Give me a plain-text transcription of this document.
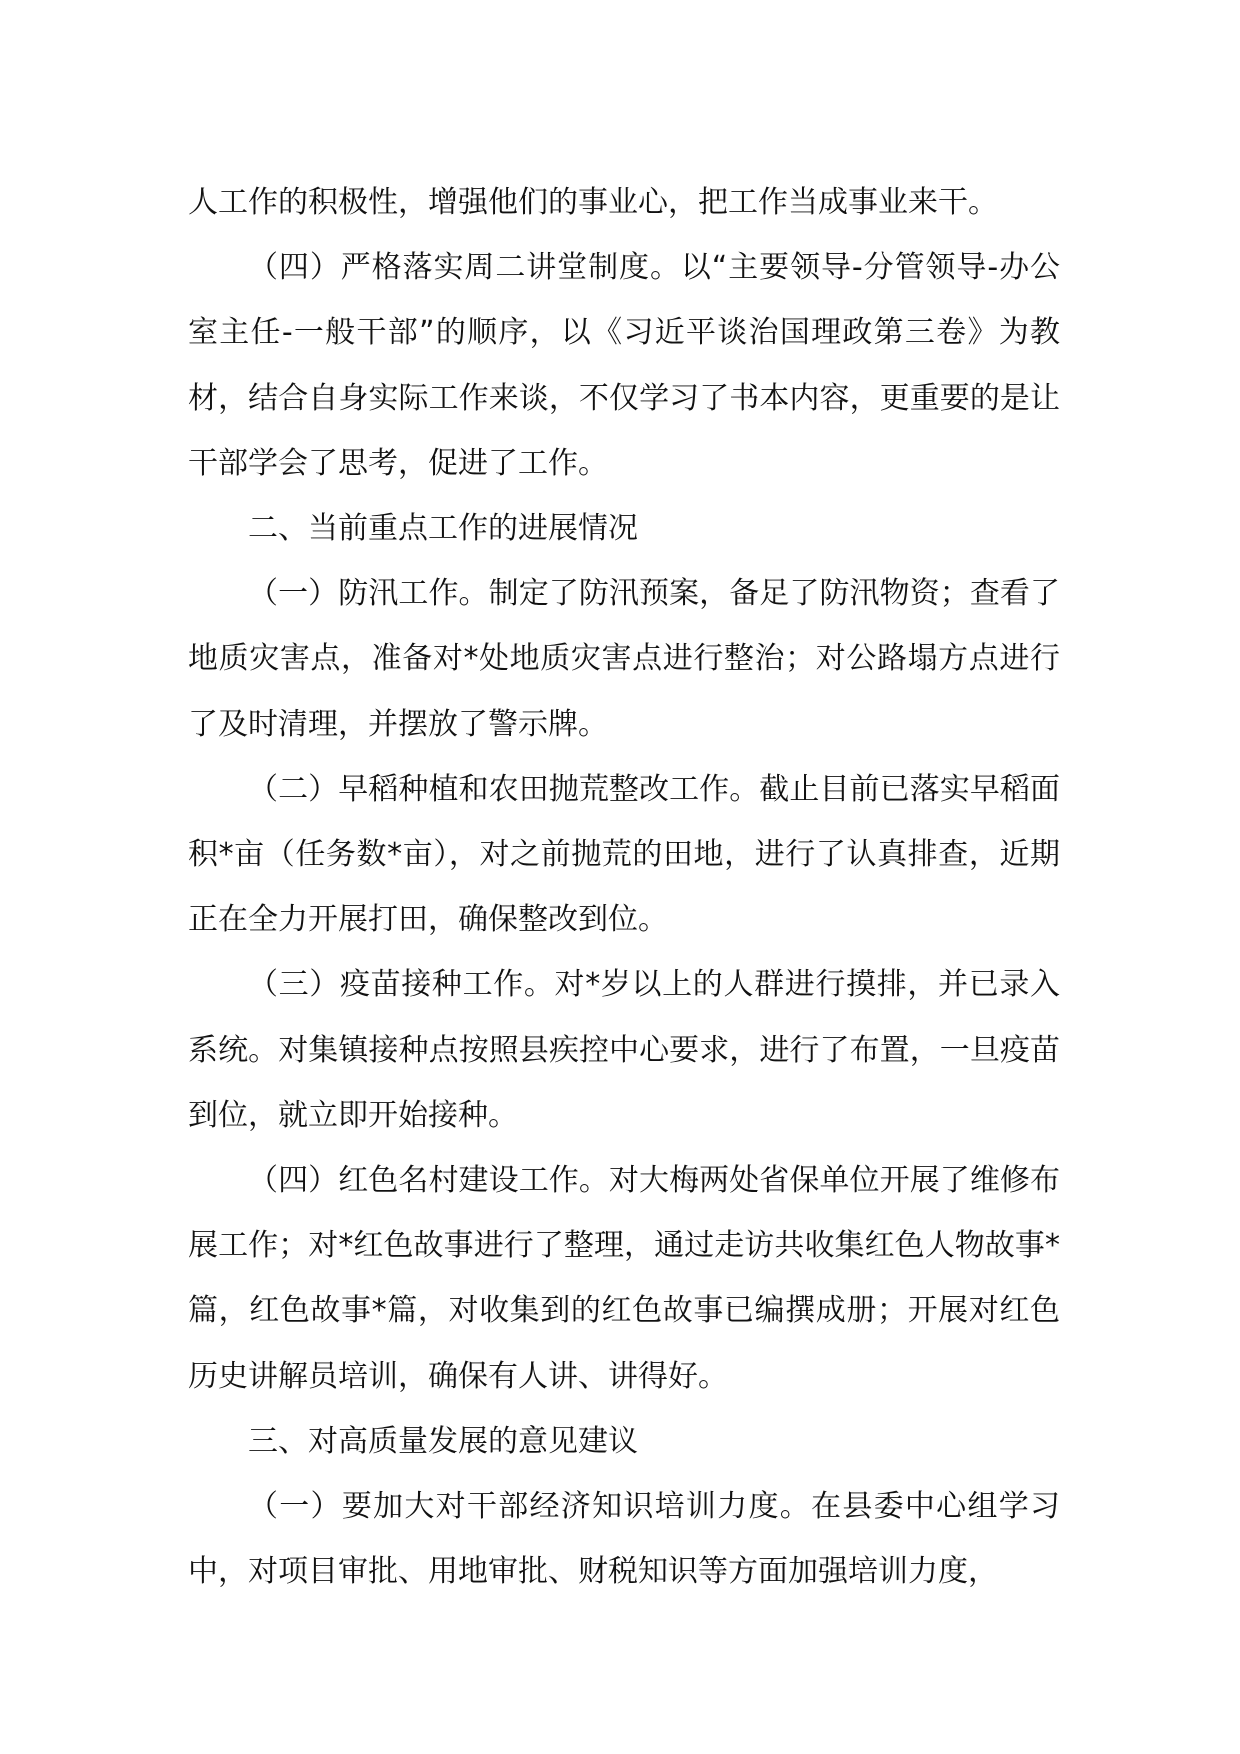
人工作的积极性，增强他们的事业心，把工作当成事业来干。

（四）严格落实周二讲堂制度。以“主要领导-分管领导-办公室主任-一般干部”的顺序，以《习近平谈治国理政第三卷》为教材，结合自身实际工作来谈，不仅学习了书本内容，更重要的是让干部学会了思考，促进了工作。

二、当前重点工作的进展情况

（一）防汛工作。制定了防汛预案，备足了防汛物资；查看了地质灾害点，准备对*处地质灾害点进行整治；对公路塌方点进行了及时清理，并摆放了警示牌。

（二）早稻种植和农田抛荒整改工作。截止目前已落实早稻面积*亩（任务数*亩），对之前抛荒的田地，进行了认真排查，近期正在全力开展打田，确保整改到位。

（三）疫苗接种工作。对*岁以上的人群进行摸排，并已录入系统。对集镇接种点按照县疾控中心要求，进行了布置，一旦疫苗到位，就立即开始接种。

（四）红色名村建设工作。对大梅两处省保单位开展了维修布展工作；对*红色故事进行了整理，通过走访共收集红色人物故事*篇，红色故事*篇，对收集到的红色故事已编撰成册；开展对红色历史讲解员培训，确保有人讲、讲得好。

三、对高质量发展的意见建议

（一）要加大对干部经济知识培训力度。在县委中心组学习中，对项目审批、用地审批、财税知识等方面加强培训力度，
